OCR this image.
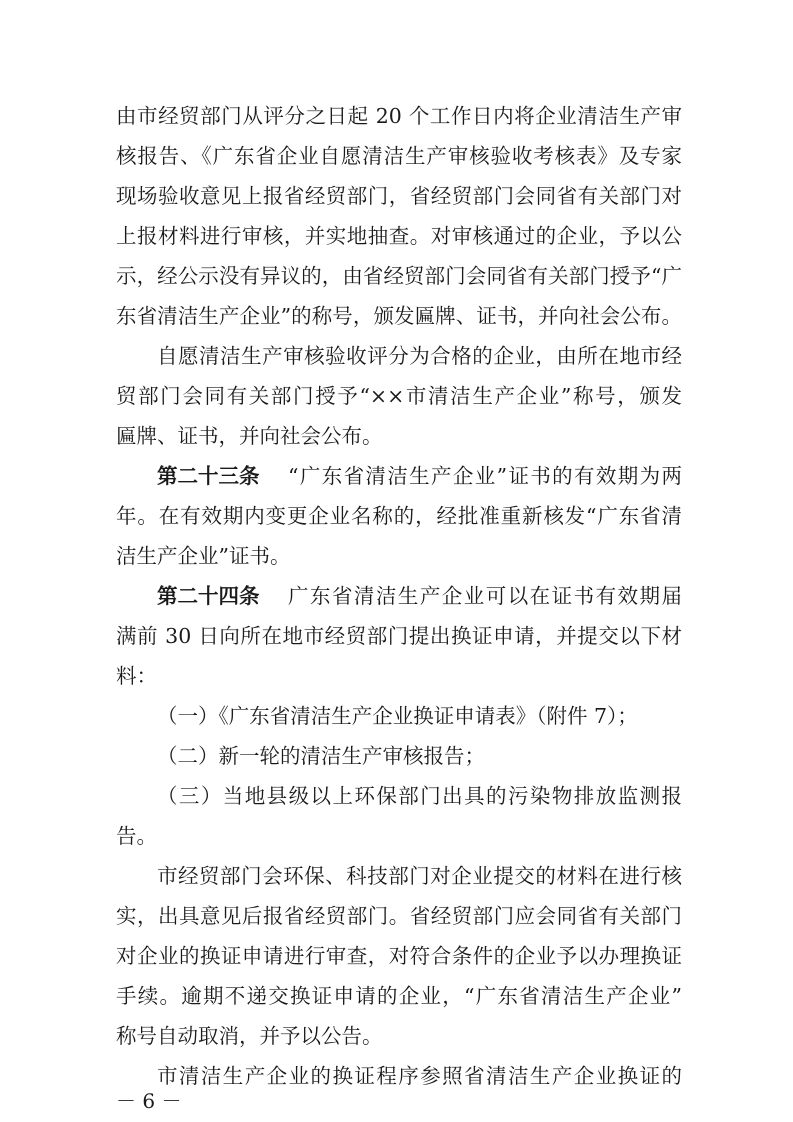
由市经贸部门从评分之日起 20 个工作日内将企业清洁生产审
核报告、《广东省企业自愿清洁生产审核验收考核表》及专家
现场验收意见上报省经贸部门，省经贸部门会同省有关部门对
上报材料进行审核，并实地抽查。对审核通过的企业，予以公
示，经公示没有异议的，由省经贸部门会同省有关部门授予“广
东省清洁生产企业”的称号，颁发匾牌、证书，并向社会公布。
自愿清洁生产审核验收评分为合格的企业，由所在地市经
贸部门会同有关部门授予“××市清洁生产企业”称号，颁发
匾牌、证书，并向社会公布。
第二十三条	“广东省清洁生产企业”证书的有效期为两
年。在有效期内变更企业名称的，经批准重新核发“广东省清
洁生产企业”证书。
第二十四条	广东省清洁生产企业可以在证书有效期届
满前 30 日向所在地市经贸部门提出换证申请，并提交以下材
料：
（一）《广东省清洁生产企业换证申请表》（附件 7）；
（二）新一轮的清洁生产审核报告；
（三）当地县级以上环保部门出具的污染物排放监测报
告。
市经贸部门会环保、科技部门对企业提交的材料在进行核
实，出具意见后报省经贸部门。省经贸部门应会同省有关部门
对企业的换证申请进行审查，对符合条件的企业予以办理换证
手续。逾期不递交换证申请的企业，“广东省清洁生产企业”
称号自动取消，并予以公告。
市清洁生产企业的换证程序参照省清洁生产企业换证的
－ 6 －
